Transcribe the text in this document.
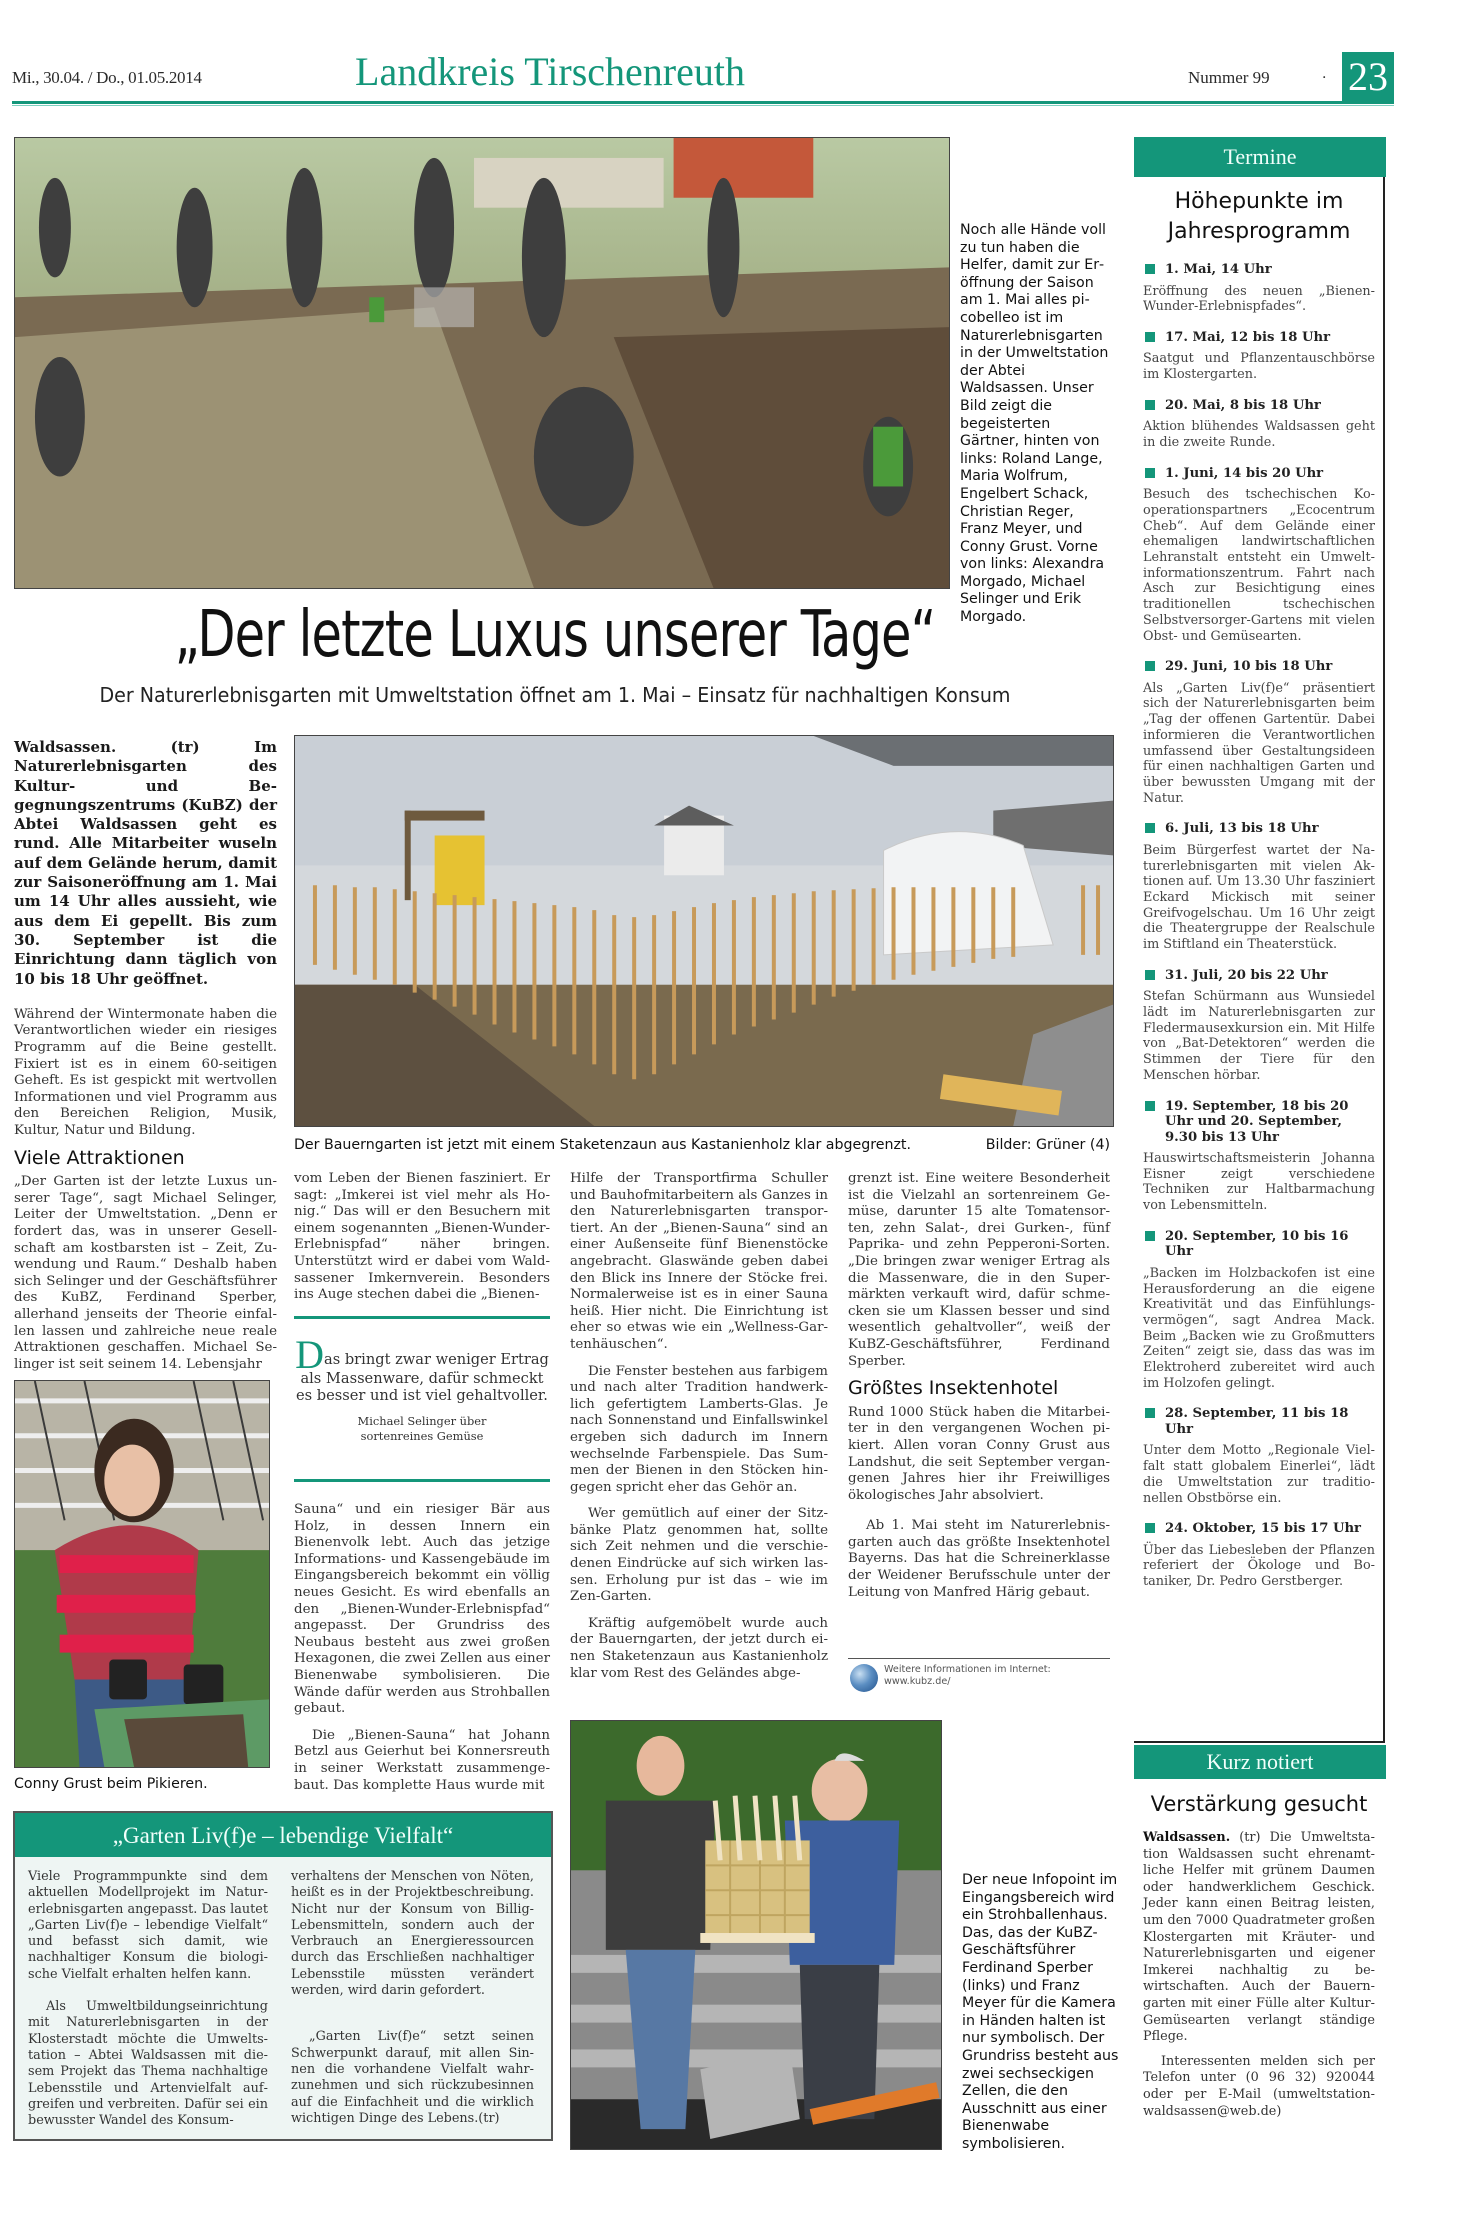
Mi., 30.04. / Do., 01.05.2014	Landkreis Tirschenreuth	Nummer 99	· 23
Noch alle Hände voll zu tun haben die Helfer, damit zur Eröffnung der Saison am 1. Mai alles picobelleo ist im Naturerlebnisgarten in der Umweltstation der Abtei Waldsassen. Unser Bild zeigt die begeisterten Gärtner, hinten von links: Roland Lange, Maria Wolfrum, Engelbert Schack, Christian Reger, Franz Meyer, und Conny Grust. Vorne von links: Alexandra Morgado, Michael Selinger und Erik Morgado.
„Der letzte Luxus unserer Tage“
Der Naturerlebnisgarten mit Umweltstation öffnet am 1. Mai – Einsatz für nachhaltigen Konsum

Waldsassen. (tr) Im Naturerlebnisgarten des Kultur- und Begegnungszentrums (KuBZ) der Abtei Waldsassen geht es rund. Alle Mitarbeiter wuseln auf dem Gelände herum, damit zur Saisoneröffnung am 1. Mai um 14 Uhr alles aussieht, wie aus dem Ei gepellt. Bis zum 30. September ist die Einrichtung dann täglich von 10 bis 18 Uhr geöffnet.

Während der Wintermonate haben die Verantwortlichen wieder ein riesiges Programm auf die Beine gestellt. Fixiert ist es in einem 60-seitigen Geheft. Es ist gespickt mit wertvollen Informationen und viel Programm aus den Bereichen Religion, Musik, Kultur, Natur und Bildung.

Viele Attraktionen

„Der Garten ist der letzte Luxus unserer Tage“, sagt Michael Selinger, Leiter der Umweltstation. „Denn er fordert das, was in unserer Gesellschaft am kostbarsten ist – Zeit, Zuwendung und Raum.“ Deshalb haben sich Selinger und der Geschäftsführer des KuBZ, Ferdinand Sperber, allerhand jenseits der Theorie einfallen lassen und zahlreiche neue reale Attraktionen geschaffen. Michael Selinger ist seit seinem 14. Lebensjahr

Der Bauerngarten ist jetzt mit einem Staketenzaun aus Kastanienholz klar abgegrenzt.	Bilder: Grüner (4)

vom Leben der Bienen fasziniert. Er sagt: „Imkerei ist viel mehr als Honig.“ Das will er den Besuchern mit einem sogenannten „Bienen-Wunder-Erlebnispfad“ näher bringen. Unterstützt wird er dabei vom Waldsassener Imkernverein. Besonders ins Auge stechen dabei die „Bienen-

Das bringt zwar weniger Ertrag als Massenware, dafür schmeckt es besser und ist viel gehaltvoller.
Michael Selinger über
sortenreines Gemüse

Sauna“ und ein riesiger Bär aus Holz, in dessen Innern ein Bienenvolk lebt. Auch das jetzige Informations- und Kassengebäude im Eingangsbereich bekommt ein völlig neues Gesicht. Es wird ebenfalls an den „Bienen-Wunder-Erlebnispfad“ angepasst. Der Grundriss des Neubaus besteht aus zwei großen Hexagonen, die zwei Zellen aus einer Bienenwabe symbolisieren. Die Wände dafür werden aus Strohballen gebaut.

Die „Bienen-Sauna“ hat Johann Betzl aus Geierhut bei Konnersreuth in seiner Werkstatt zusammengebaut. Das komplette Haus wurde mit

Hilfe der Transportfirma Schuller und Bauhofmitarbeitern als Ganzes in den Naturerlebnisgarten transportiert. An der „Bienen-Sauna“ sind an einer Außenseite fünf Bienenstöcke angebracht. Glaswände geben dabei den Blick ins Innere der Stöcke frei. Normalerweise ist es in einer Sauna heiß. Hier nicht. Die Einrichtung ist eher so etwas wie ein „Wellness-Gartenhäuschen“.

Die Fenster bestehen aus farbigem und nach alter Tradition handwerklich gefertigtem Lamberts-Glas. Je nach Sonnenstand und Einfallswinkel ergeben sich dadurch im Innern wechselnde Farbenspiele. Das Summen der Bienen in den Stöcken hingegen spricht eher das Gehör an.

Wer gemütlich auf einer der Sitzbänke Platz genommen hat, sollte sich Zeit nehmen und die verschiedenen Eindrücke auf sich wirken lassen. Erholung pur ist das – wie im Zen-Garten.

Kräftig aufgemöbelt wurde auch der Bauerngarten, der jetzt durch einen Staketenzaun aus Kastanienholz klar vom Rest des Geländes abge-

grenzt ist. Eine weitere Besonderheit ist die Vielzahl an sortenreinem Gemüse, darunter 15 alte Tomatensorten, zehn Salat-, drei Gurken-, fünf Paprika- und zehn Pepperoni-Sorten. „Die bringen zwar weniger Ertrag als die Massenware, die in den Supermärkten verkauft wird, dafür schmecken sie um Klassen besser und sind wesentlich gehaltvoller“, weiß der KuBZ-Geschäftsführer, Ferdinand Sperber.

Größtes Insektenhotel

Rund 1000 Stück haben die Mitarbeiter in den vergangenen Wochen pikiert. Allen voran Conny Grust aus Landshut, die seit September vergangenen Jahres hier ihr Freiwilliges ökologisches Jahr absolviert.

Ab 1. Mai steht im Naturerlebnisgarten auch das größte Insektenhotel Bayerns. Das hat die Schreinerklasse der Weidener Berufsschule unter der Leitung von Manfred Härig gebaut.

Weitere Informationen im Internet:
www.kubz.de/
Conny Grust beim Pikieren.
Der neue Infopoint im Eingangsbereich wird ein Strohballenhaus. Das, das der KuBZ-Geschäftsführer Ferdinand Sperber (links) und Franz Meyer für die Kamera in Händen halten ist nur symbolisch. Der Grundriss besteht aus zwei sechseckigen Zellen, die den Ausschnitt aus einer Bienenwabe symbolisieren.
„Garten Liv(f)e – lebendige Vielfalt“

Viele Programmpunkte sind dem aktuellen Modellprojekt im Naturerlebnisgarten angepasst. Das lautet „Garten Liv(f)e – lebendige Vielfalt“ und befasst sich damit, wie nachhaltiger Konsum die biologische Vielfalt erhalten helfen kann.

Als Umweltbildungseinrichtung mit Naturerlebnisgarten in der Klosterstadt möchte die Umweltstation – Abtei Waldsassen mit diesem Projekt das Thema nachhaltige Lebensstile und Artenvielfalt aufgreifen und verbreiten. Dafür sei ein bewusster Wandel des Konsum-

verhaltens der Menschen von Nöten, heißt es in der Projektbeschreibung. Nicht nur der Konsum von Billig-Lebensmitteln, sondern auch der Verbrauch an Energieressourcen durch das Erschließen nachhaltiger Lebensstile müssten verändert werden, wird darin gefordert.

„Garten Liv(f)e“ setzt seinen Schwerpunkt darauf, mit allen Sinnen die vorhandene Vielfalt wahrzunehmen und sich rückzubesinnen auf die Einfachheit und die wirklich wichtigen Dinge des Lebens.(tr)

Termine
Höhepunkte im
Jahresprogramm
1. Mai, 14 Uhr
Eröffnung des neuen „Bienen-Wunder-Erlebnispfades“.
17. Mai, 12 bis 18 Uhr
Saatgut und Pflanzentauschbörse im Klostergarten.
20. Mai, 8 bis 18 Uhr
Aktion blühendes Waldsassen geht in die zweite Runde.
1. Juni, 14 bis 20 Uhr
Besuch des tschechischen Kooperationspartners „Ecocentrum Cheb“. Auf dem Gelände einer ehemaligen landwirtschaftlichen Lehranstalt entsteht ein Umweltinformationszentrum. Fahrt nach Asch zur Besichtigung eines traditionellen tschechischen Selbstversorger-Gartens mit vielen Obst- und Gemüsearten.
29. Juni, 10 bis 18 Uhr
Als „Garten Liv(f)e“ präsentiert sich der Naturerlebnisgarten beim „Tag der offenen Gartentür. Dabei informieren die Verantwortlichen umfassend über Gestaltungsideen für einen nachhaltigen Garten und über bewussten Umgang mit der Natur.
6. Juli, 13 bis 18 Uhr
Beim Bürgerfest wartet der Naturerlebnisgarten mit vielen Aktionen auf. Um 13.30 Uhr fasziniert Eckard Mickisch mit seiner Greifvogelschau. Um 16 Uhr zeigt die Theatergruppe der Realschule im Stiftland ein Theaterstück.
31. Juli, 20 bis 22 Uhr
Stefan Schürmann aus Wunsiedel lädt im Naturerlebnisgarten zur Fledermausexkursion ein. Mit Hilfe von „Bat-Detektoren“ werden die Stimmen der Tiere für den Menschen hörbar.
19. September, 18 bis 20 Uhr und 20. September, 9.30 bis 13 Uhr
Hauswirtschaftsmeisterin Johanna Eisner zeigt verschiedene Techniken zur Haltbarmachung von Lebensmitteln.
20. September, 10 bis 16 Uhr
„Backen im Holzbackofen ist eine Herausforderung an die eigene Kreativität und das Einfühlungsvermögen“, sagt Andrea Mack. Beim „Backen wie zu Großmutters Zeiten“ zeigt sie, dass das was im Elektroherd zubereitet wird auch im Holzofen gelingt.
28. September, 11 bis 18 Uhr
Unter dem Motto „Regionale Vielfalt statt globalem Einerlei“, lädt die Umweltstation zur traditionellen Obstbörse ein.
24. Oktober, 15 bis 17 Uhr
Über das Liebesleben der Pflanzen referiert der Ökologe und Botaniker, Dr. Pedro Gerstberger.
Kurz notiert
Verstärkung gesucht

Waldsassen. (tr) Die Umweltstation Waldsassen sucht ehrenamtliche Helfer mit grünem Daumen oder handwerklichem Geschick. Jeder kann einen Beitrag leisten, um den 7000 Quadratmeter großen Klostergarten mit Kräuter- und Naturerlebnisgarten und eigener Imkerei nachhaltig zu bewirtschaften. Auch der Bauerngarten mit einer Fülle alter Kultur-Gemüsearten verlangt ständige Pflege.

Interessenten melden sich per Telefon unter (0 96 32) 920044 oder per E-Mail (umweltstationwaldsassen@web.de)
